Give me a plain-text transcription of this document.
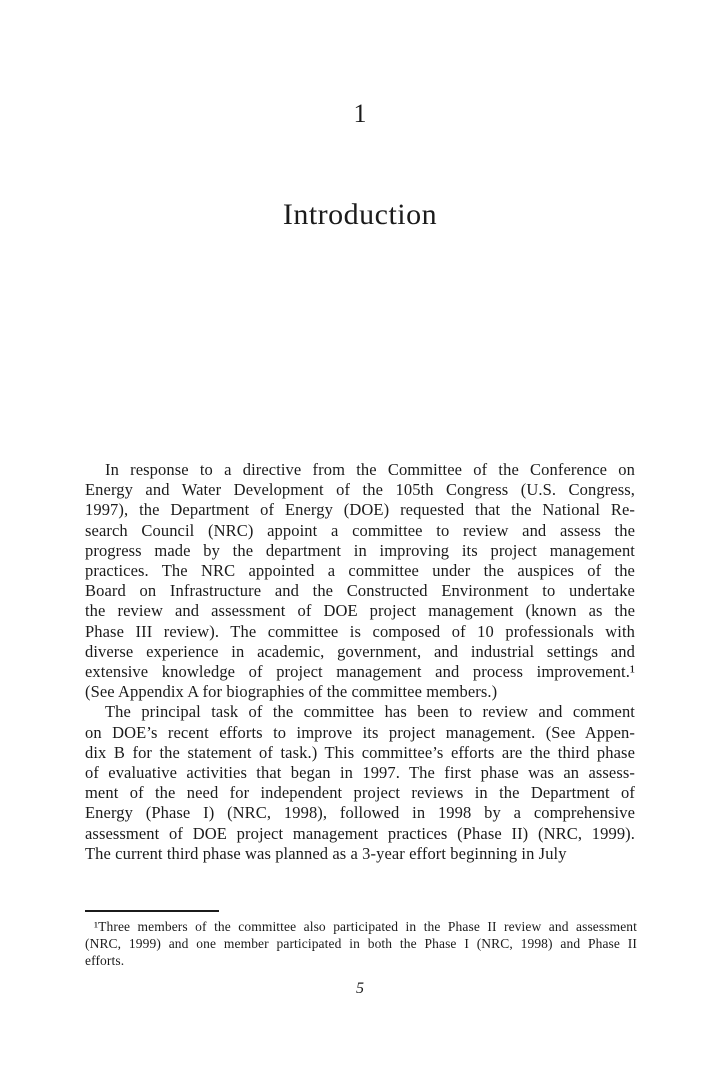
1
Introduction
In response to a directive from the Committee of the Conference on
Energy and Water Development of the 105th Congress (U.S. Congress,
1997), the Department of Energy (DOE) requested that the National Re-
search Council (NRC) appoint a committee to review and assess the
progress made by the department in improving its project management
practices. The NRC appointed a committee under the auspices of the
Board on Infrastructure and the Constructed Environment to undertake
the review and assessment of DOE project management (known as the
Phase III review). The committee is composed of 10 professionals with
diverse experience in academic, government, and industrial settings and
extensive knowledge of project management and process improvement.¹
(See Appendix A for biographies of the committee members.)
The principal task of the committee has been to review and comment
on DOE’s recent efforts to improve its project management. (See Appen-
dix B for the statement of task.) This committee’s efforts are the third phase
of evaluative activities that began in 1997. The first phase was an assess-
ment of the need for independent project reviews in the Department of
Energy (Phase I) (NRC, 1998), followed in 1998 by a comprehensive
assessment of DOE project management practices (Phase II) (NRC, 1999).
The current third phase was planned as a 3-year effort beginning in July
¹Three members of the committee also participated in the Phase II review and assessment
(NRC, 1999) and one member participated in both the Phase I (NRC, 1998) and Phase II
efforts.
5
